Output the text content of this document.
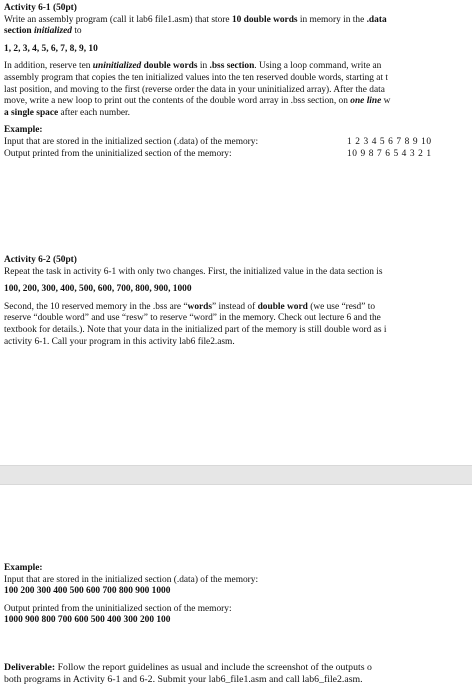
Activity 6-1 (50pt)
Write an assembly program (call it lab6 file1.asm) that store 10 double words in memory in the .data
section initialized to
1, 2, 3, 4, 5, 6, 7, 8, 9, 10
In addition, reserve ten uninitialized double words in .bss section. Using a loop command, write an
assembly program that copies the ten initialized values into the ten reserved double words, starting at t
last position, and moving to the first (reverse order the data in your uninitialized array). After the data
move, write a new loop to print out the contents of the double word array in .bss section, on one line w
a single space after each number.
Example:
Input that are stored in the initialized section (.data) of the memory:	1 2 3 4 5 6 7 8 9 10
Output printed from the uninitialized section of the memory:	10 9 8 7 6 5 4 3 2 1
Activity 6-2 (50pt)
Repeat the task in activity 6-1 with only two changes. First, the initialized value in the data section is
100, 200, 300, 400, 500, 600, 700, 800, 900, 1000
Second, the 10 reserved memory in the .bss are “words” instead of double word (we use “resd” to
reserve “double word” and use “resw” to reserve “word” in the memory. Check out lecture 6 and the
textbook for details.). Note that your data in the initialized part of the memory is still double word as i
activity 6-1. Call your program in this activity lab6 file2.asm.
Example:
Input that are stored in the initialized section (.data) of the memory:
100 200 300 400 500 600 700 800 900 1000
Output printed from the uninitialized section of the memory:
1000 900 800 700 600 500 400 300 200 100
Deliverable: Follow the report guidelines as usual and include the screenshot of the outputs o
both programs in Activity 6-1 and 6-2. Submit your lab6_file1.asm and call lab6_file2.asm.
